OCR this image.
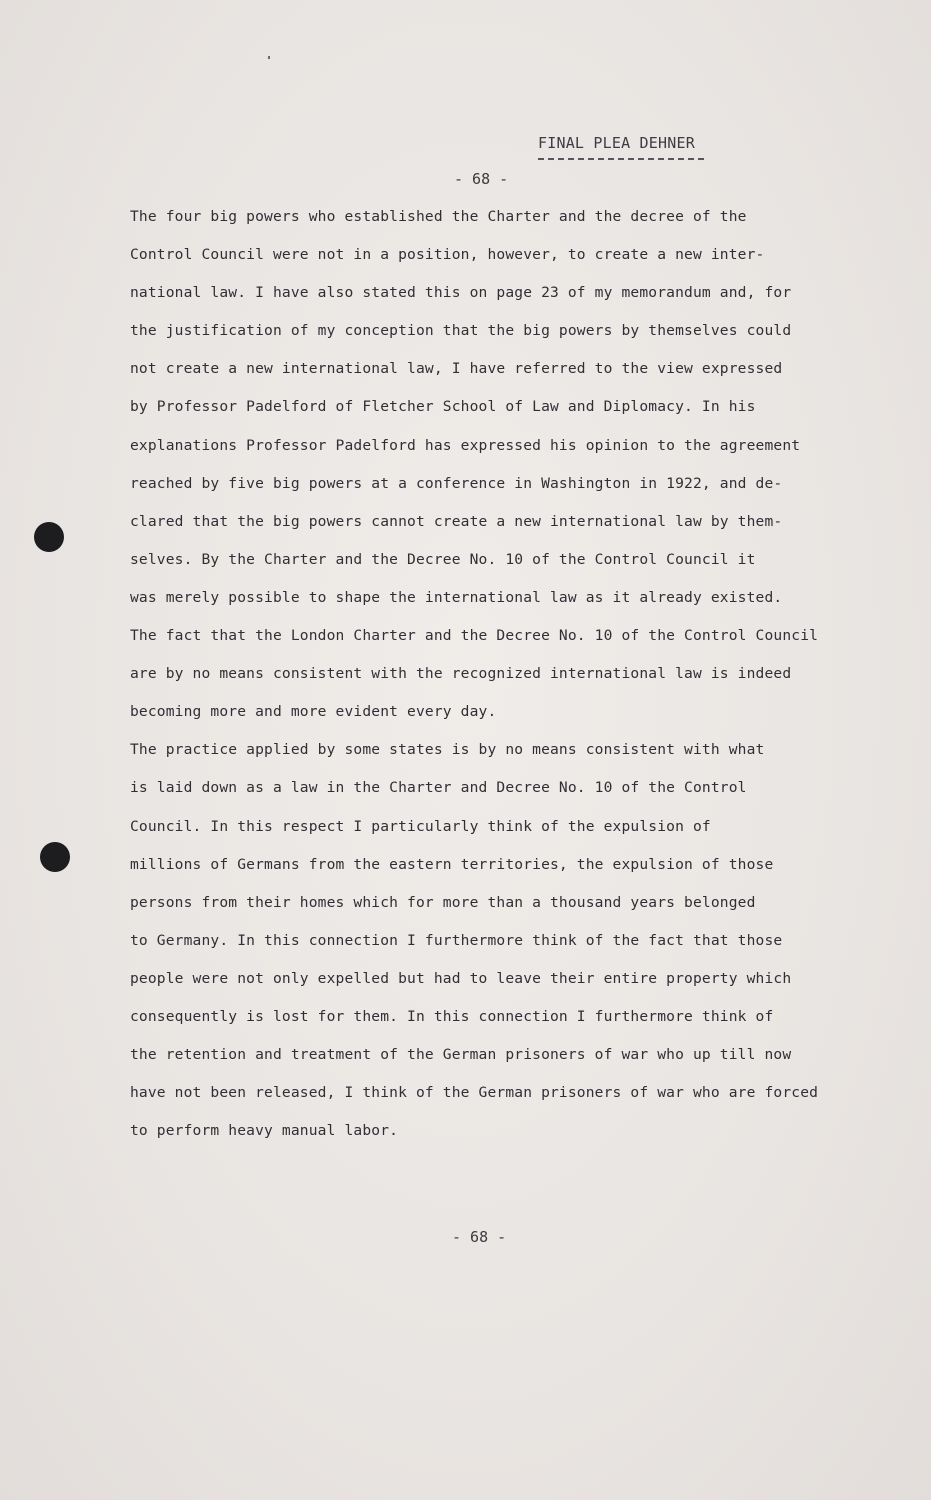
FINAL PLEA DEHNER
- 68 -
The four big powers who established the Charter and the decree of the
Control Council were not in a position, however, to create a new inter-
national law. I have also stated this on page 23 of my memorandum and, for
the justification of my conception that the big powers by themselves could
not create a new international law, I have referred to the view expressed
by Professor Padelford of Fletcher School of Law and Diplomacy. In his
explanations Professor Padelford has expressed his opinion to the agreement
reached by five big powers at a conference in Washington in 1922, and de-
clared that the big powers cannot create a new international law by them-
selves. By the Charter and the Decree No. 10 of the Control Council it
was merely possible to shape the international law as it already existed.
The fact that the London Charter and the Decree No. 10 of the Control Council
are by no means consistent with the recognized international law is indeed
becoming more and more evident every day.
The practice applied by some states is by no means consistent with what
is laid down as a law in the Charter and Decree No. 10 of the Control
Council. In this respect I particularly think of the expulsion of
millions of Germans from the eastern territories, the expulsion of those
persons from their homes which for more than a thousand years belonged
to Germany. In this connection I furthermore think of the fact that those
people were not only expelled but had to leave their entire property which
consequently is lost for them. In this connection I furthermore think of
the retention and treatment of the German prisoners of war who up till now
have not been released, I think of the German prisoners of war who are forced
to perform heavy manual labor.
- 68 -
